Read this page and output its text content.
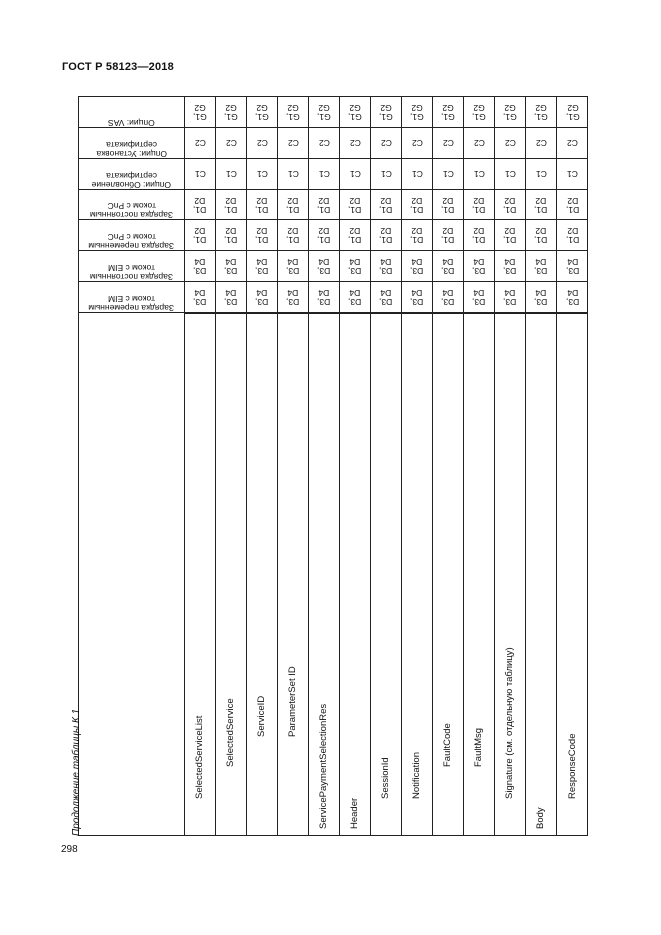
ГОСТ Р 58123—2018
Зарядка переменным током с EIM
Зарядка постоянным током с EIM
Зарядка переменным током с PnC
Зарядка постоянным током с PnC
Опции: Обновление сертификата
Опции: Установка сертификата
Опции: VAS
SelectedServiceList
D3,
D4
D3,
D4
D1,
D2
D1,
D2
C1
C2
G1,
G2
SelectedService
D3,
D4
D3,
D4
D1,
D2
D1,
D2
C1
C2
G1,
G2
ServiceID
D3,
D4
D3,
D4
D1,
D2
D1,
D2
C1
C2
G1,
G2
ParameterSet ID
D3,
D4
D3,
D4
D1,
D2
D1,
D2
C1
C2
G1,
G2
ServicePaymentSelectionRes
D3,
D4
D3,
D4
D1,
D2
D1,
D2
C1
C2
G1,
G2
Header
D3,
D4
D3,
D4
D1,
D2
D1,
D2
C1
C2
G1,
G2
SessionId
D3,
D4
D3,
D4
D1,
D2
D1,
D2
C1
C2
G1,
G2
Notification
D3,
D4
D3,
D4
D1,
D2
D1,
D2
C1
C2
G1,
G2
FaultCode
D3,
D4
D3,
D4
D1,
D2
D1,
D2
C1
C2
G1,
G2
FaultMsg
D3,
D4
D3,
D4
D1,
D2
D1,
D2
C1
C2
G1,
G2
Signature (см. отдельную таблицу)
D3,
D4
D3,
D4
D1,
D2
D1,
D2
C1
C2
G1,
G2
Body
D3,
D4
D3,
D4
D1,
D2
D1,
D2
C1
C2
G1,
G2
ResponseCode
D3,
D4
D3,
D4
D1,
D2
D1,
D2
C1
C2
G1,
G2
Продолжение таблицы К.1
298
